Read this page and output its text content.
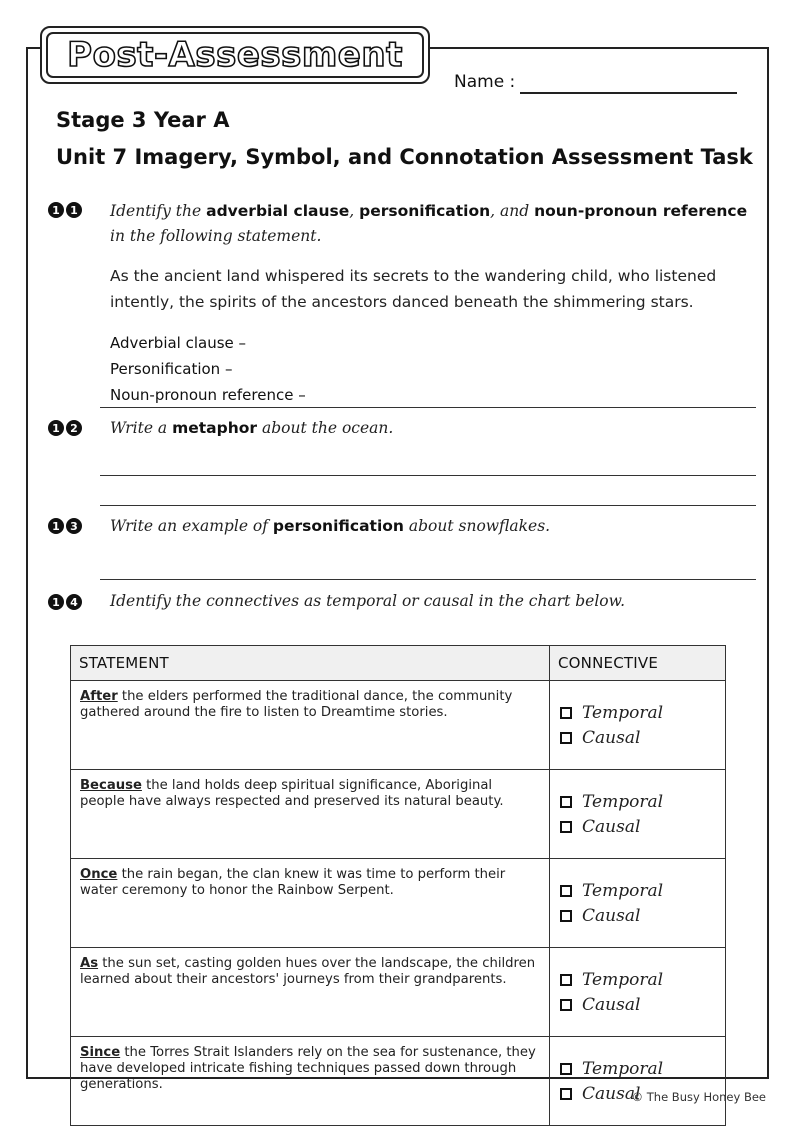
Post-Assessment
Name :
Stage 3 Year A
Unit 7 Imagery, Symbol, and Connotation Assessment Task
1 1 Identify the adverbial clause, personification, and noun-pronoun reference in the following statement.
As the ancient land whispered its secrets to the wandering child, who listened intently, the spirits of the ancestors danced beneath the shimmering stars.
Adverbial clause –
Personification –
Noun-pronoun reference –
1 2 Write a metaphor about the ocean.
1 3 Write an example of personification about snowflakes.
1 4 Identify the connectives as temporal or causal in the chart below.
STATEMENT	CONNECTIVE
After the elders performed the traditional dance, the community gathered around the fire to listen to Dreamtime stories.	Temporal
Causal

Because the land holds deep spiritual significance, Aboriginal people have always respected and preserved its natural beauty.	Temporal
Causal

Once the rain began, the clan knew it was time to perform their water ceremony to honor the Rainbow Serpent.	Temporal
Causal

As the sun set, casting golden hues over the landscape, the children learned about their ancestors' journeys from their grandparents.	Temporal
Causal

Since the Torres Strait Islanders rely on the sea for sustenance, they have developed intricate fishing techniques passed down through generations.	Temporal
Causal
© The Busy Honey Bee
